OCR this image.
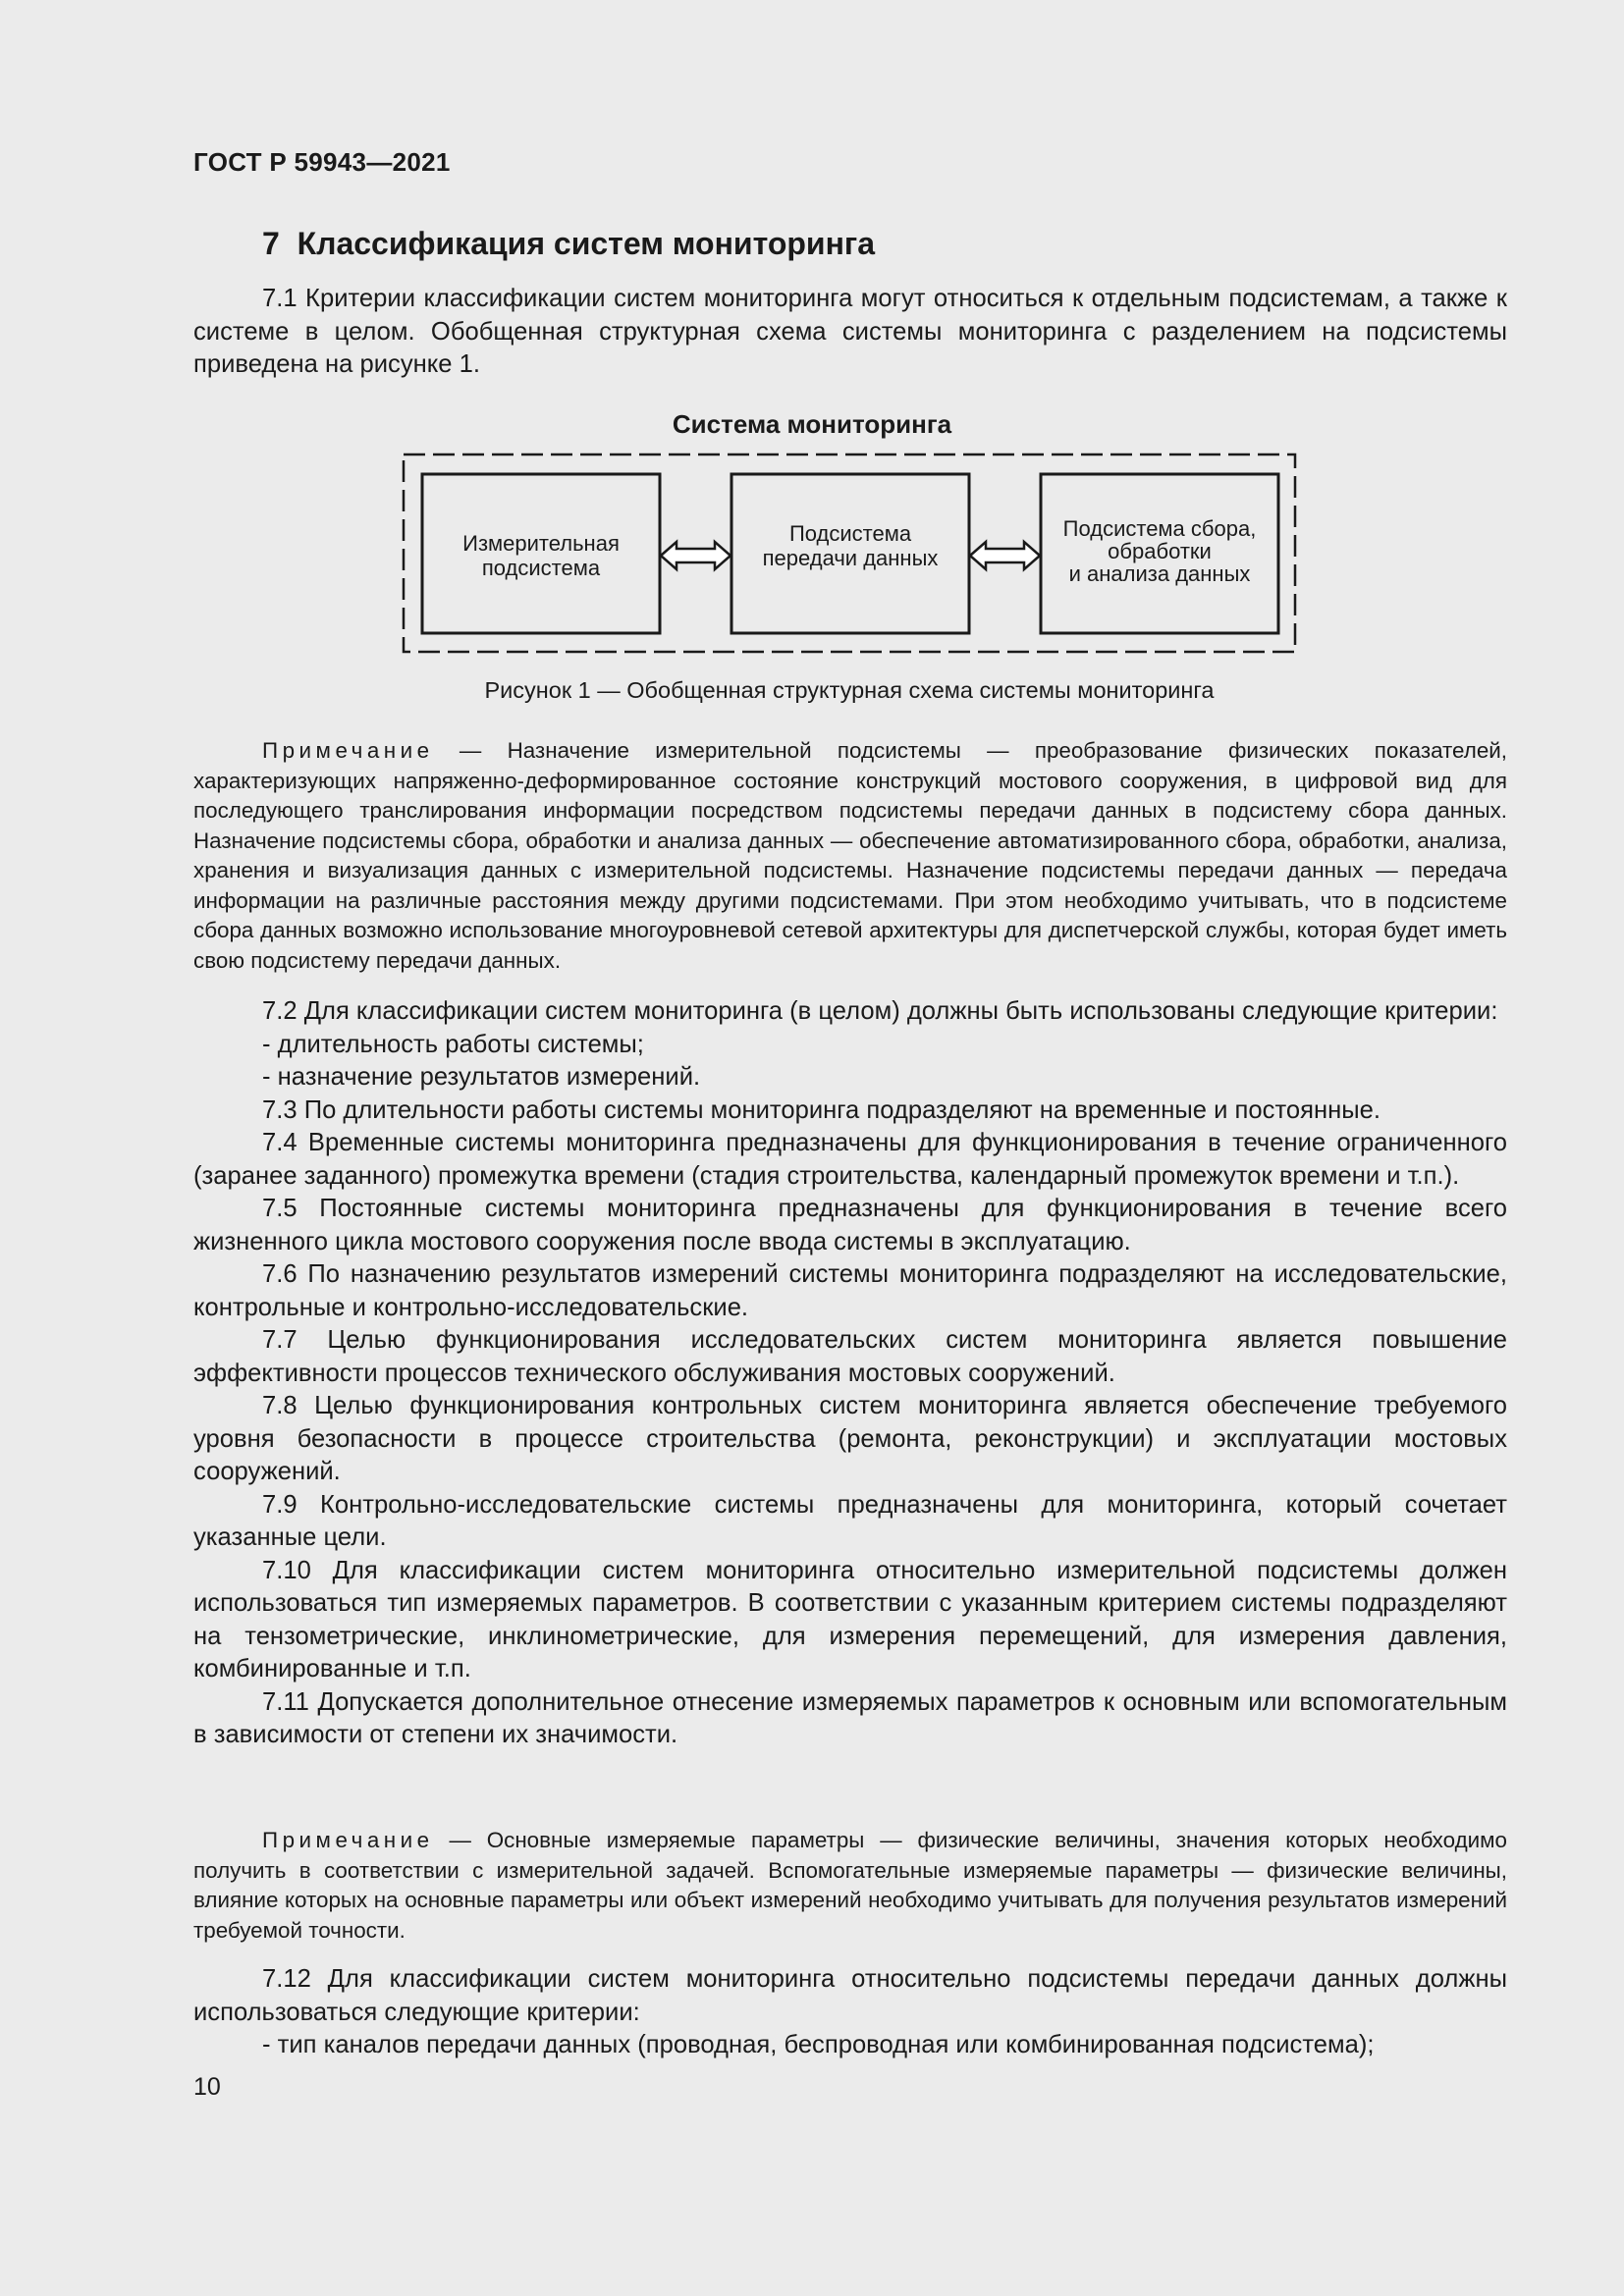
ГОСТ Р 59943—2021
7 Классификация систем мониторинга

7.1 Критерии классификации систем мониторинга могут относиться к отдельным подсистемам, а также к системе в целом. Обобщенная структурная схема системы мониторинга с разделением на подсистемы приведена на рисунке 1.

Система мониторинга
Измерительная
подсистема
Подсистема
передачи данных
Подсистема сбора,
обработки
и анализа данных
Рисунок 1 — Обобщенная структурная схема системы мониторинга

Примечание — Назначение измерительной подсистемы — преобразование физических показателей, характеризующих напряженно-деформированное состояние конструкций мостового сооружения, в цифровой вид для последующего транслирования информации посредством подсистемы передачи данных в подсистему сбора данных. Назначение подсистемы сбора, обработки и анализа данных — обеспечение автоматизированного сбора, обработки, анализа, хранения и визуализация данных с измерительной подсистемы. Назначение подсистемы передачи данных — передача информации на различные расстояния между другими подсистемами. При этом необходимо учитывать, что в подсистеме сбора данных возможно использование многоуровневой сетевой архитектуры для диспетчерской службы, которая будет иметь свою подсистему передачи данных.

7.2 Для классификации систем мониторинга (в целом) должны быть использованы следующие критерии:

- длительность работы системы;

- назначение результатов измерений.

7.3 По длительности работы системы мониторинга подразделяют на временные и постоянные.

7.4 Временные системы мониторинга предназначены для функционирования в течение ограниченного (заранее заданного) промежутка времени (стадия строительства, календарный промежуток времени и т.п.).

7.5 Постоянные системы мониторинга предназначены для функционирования в течение всего жизненного цикла мостового сооружения после ввода системы в эксплуатацию.

7.6 По назначению результатов измерений системы мониторинга подразделяют на исследовательские, контрольные и контрольно-исследовательские.

7.7 Целью функционирования исследовательских систем мониторинга является повышение эффективности процессов технического обслуживания мостовых сооружений.

7.8 Целью функционирования контрольных систем мониторинга является обеспечение требуемого уровня безопасности в процессе строительства (ремонта, реконструкции) и эксплуатации мостовых сооружений.

7.9 Контрольно-исследовательские системы предназначены для мониторинга, который сочетает указанные цели.

7.10 Для классификации систем мониторинга относительно измерительной подсистемы должен использоваться тип измеряемых параметров. В соответствии с указанным критерием системы подразделяют на тензометрические, инклинометрические, для измерения перемещений, для измерения давления, комбинированные и т.п.

7.11 Допускается дополнительное отнесение измеряемых параметров к основным или вспомогательным в зависимости от степени их значимости.

Примечание — Основные измеряемые параметры — физические величины, значения которых необходимо получить в соответствии с измерительной задачей. Вспомогательные измеряемые параметры — физические величины, влияние которых на основные параметры или объект измерений необходимо учитывать для получения результатов измерений требуемой точности.

7.12 Для классификации систем мониторинга относительно подсистемы передачи данных должны использоваться следующие критерии:

- тип каналов передачи данных (проводная, беспроводная или комбинированная подсистема);

10
